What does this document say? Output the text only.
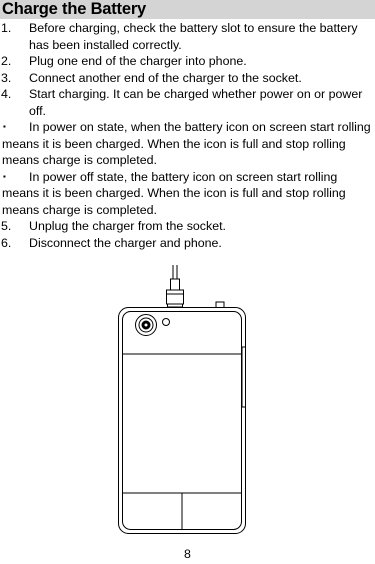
Charge the Battery
1. Before charging, check the battery slot to ensure the battery has been installed correctly.
2. Plug one end of the charger into phone.
3. Connect another end of the charger to the socket.
4. Start charging. It can be charged whether power on or power off.
▪	In power on state, when the battery icon on screen start rolling
means it is been charged. When the icon is full and stop rolling means charge is completed.
▪	In power off state, the battery icon on screen start rolling
means it is been charged. When the icon is full and stop rolling means charge is completed.
5. Unplug the charger from the socket.
6. Disconnect the charger and phone.
8
